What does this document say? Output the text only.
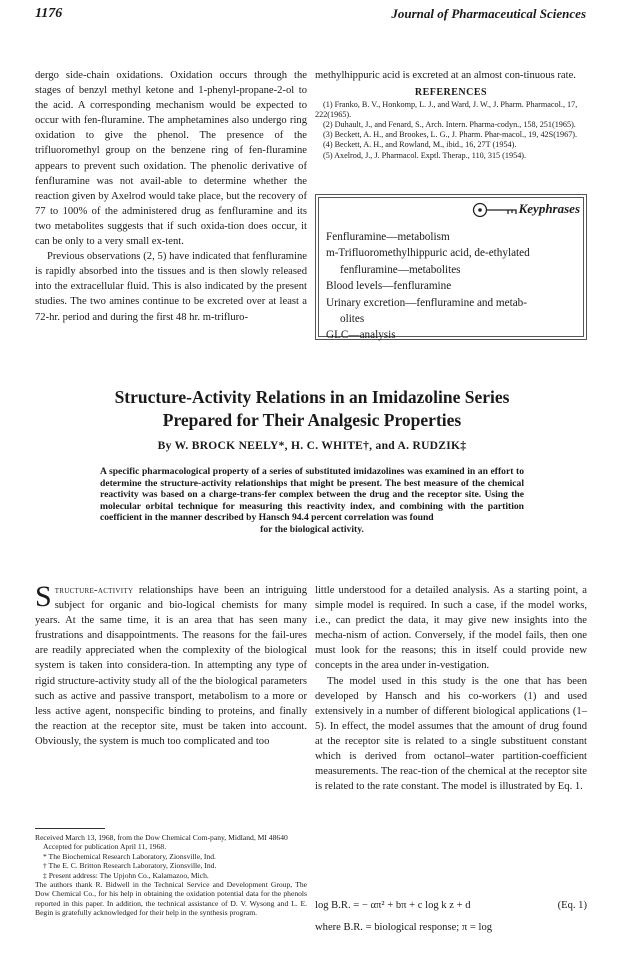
1176	Journal of Pharmaceutical Sciences

dergo side-chain oxidations. Oxidation occurs through the stages of benzyl methyl ketone and 1-phenyl-propane-2-ol to the acid. A corresponding mechanism would be expected to occur with fen-fluramine. The amphetamines also undergo ring oxidation to give the phenol. The presence of the trifluoromethyl group on the benzene ring of fen-fluramine appears to prevent such oxidation. The phenolic derivative of fenfluramine was not avail-able to determine whether the reaction given by Axelrod would take place, but the recovery of 77 to 100% of the administered drug as fenfluramine and its two metabolites suggests that if such oxida-tion does occur, it can be only to a very small ex-tent.

Previous observations (2, 5) have indicated that fenfluramine is rapidly absorbed into the tissues and is then slowly released into the extracellular fluid. This is also indicated by the present studies. The two amines continue to be excreted over at least a 72-hr. period and during the first 48 hr. m-trifluro-

methylhippuric acid is excreted at an almost con-tinuous rate.

REFERENCES
(1) Franko, B. V., Honkomp, L. J., and Ward, J. W., J. Pharm. Pharmacol., 17, 222(1965).
(2) Duhault, J., and Fenard, S., Arch. Intern. Pharma-codyn., 158, 251(1965).
(3) Beckett, A. H., and Brookes, L. G., J. Pharm. Phar-macol., 19, 42S(1967).
(4) Beckett, A. H., and Rowland, M., ibid., 16, 27T (1954).
(5) Axelrod, J., J. Pharmacol. Exptl. Therap., 110, 315 (1954).
Keyphrases
Fenfluramine—metabolism
m-Trifluoromethylhippuric acid, de-ethylated
fenfluramine—metabolites
Blood levels—fenfluramine
Urinary excretion—fenfluramine and metab-
olites
GLC—analysis
Structure-Activity Relations in an Imidazoline Series
Prepared for Their Analgesic Properties
By W. BROCK NEELY*, H. C. WHITE†, and A. RUDZIK‡
A specific pharmacological property of a series of substituted imidazolines was examined in an effort to determine the structure-activity relationships that might be present. The best measure of the chemical reactivity was based on a charge-trans-fer complex between the drug and the receptor site. Using the molecular orbital technique for measuring this reactivity index, and combining with the partition coefficient in the manner described by Hansch 94.4 percent correlation was found
for the biological activity.

Structure-activity relationships have been an intriguing subject for organic and bio-logical chemists for many years. At the same time, it is an area that has seen many frustrations and disappointments. The reasons for the fail-ures are readily appreciated when the complexity of the biological system is taken into considera-tion. In attempting any type of rigid structure-activity study all of the the biological parameters such as active and passive transport, metabolism to a more or less active agent, nonspecific binding to proteins, and finally the reaction at the receptor site, must be taken into account. Obviously, the system is much too complicated and too

little understood for a detailed analysis. As a starting point, a simple model is required. In such a case, if the model works, i.e., can predict the data, it may give new insights into the mecha-nism of action. Conversely, if the model fails, then one must look for the reasons; this in itself could provide new concepts in the area under in-vestigation.

The model used in this study is the one that has been developed by Hansch and his co-workers (1) and used extensively in a number of different biological applications (1–5). In effect, the model assumes that the amount of drug found at the receptor site is related to a single substituent constant which is derived from octanol–water partition-coefficient measurements. The reac-tion of the chemical at the receptor site is related to the rate constant. The model is illustrated by Eq. 1.

log B.R. = − απ² + bπ + c log k z + d	(Eq. 1)

where B.R. = biological response; π = log

Received March 13, 1968, from the Dow Chemical Com-pany, Midland, MI 48640
Accepted for publication April 11, 1968.
* The Biochemical Research Laboratory, Zionsville, Ind.
† The E. C. Britton Research Laboratory, Zionsville, Ind.
‡ Present address: The Upjohn Co., Kalamazoo, Mich.
The authors thank R. Bidwell in the Technical Service and Development Group, The Dow Chemical Co., for his help in obtaining the oxidation potential data for the phenols reported in this paper. In addition, the technical assistance of D. V. Wysong and L. E. Begin is gratefully acknowledged for their help in the synthesis program.
